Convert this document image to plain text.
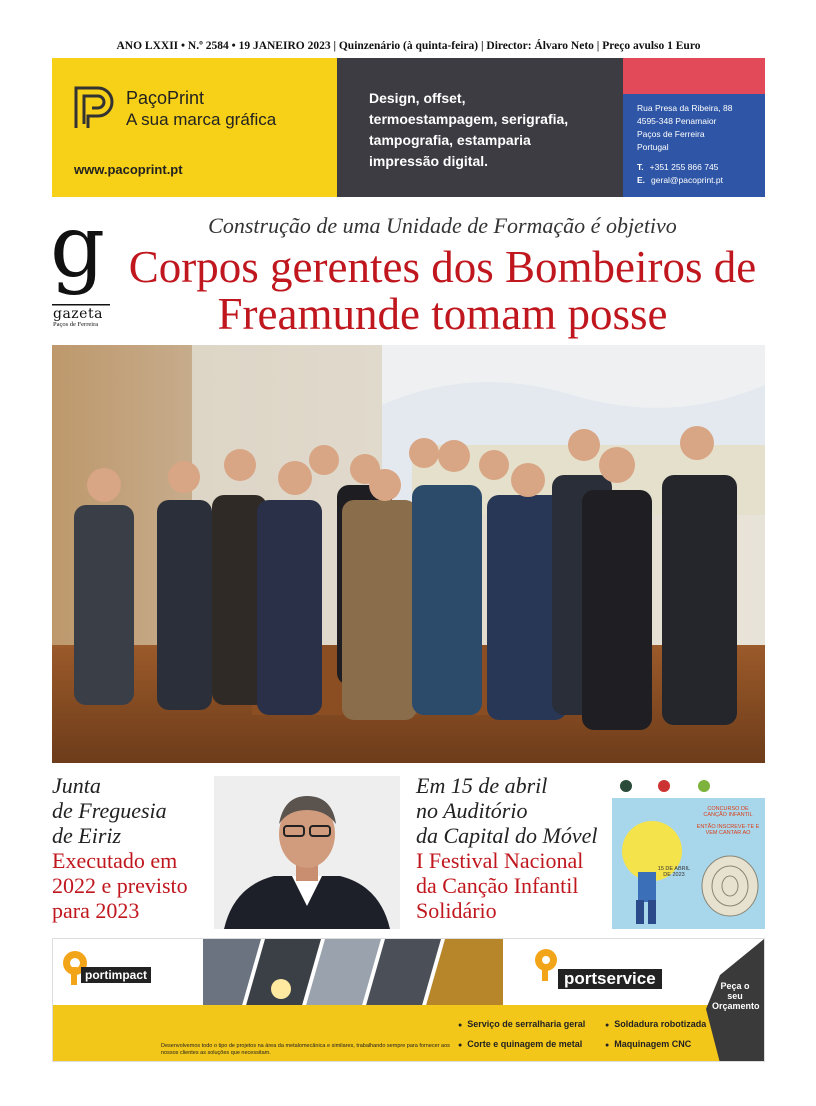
ANO LXXII • N.º 2584 • 19 JANEIRO 2023 | Quinzenário (à quinta-feira) | Director: Álvaro Neto | Preço avulso 1 Euro
PaçoPrint
A sua marca gráfica
www.pacoprint.pt
Design, offset,
termoestampagem, serigrafia,
tampografia, estamparia
impressão digital.
Rua Presa da Ribeira, 88
4595-348 Penamaior
Paços de Ferreira
Portugal
T. +351 255 866 745
E. geral@pacoprint.pt
g
gazeta
Paços de Ferreira
Construção de uma Unidade de Formação é objetivo
Corpos gerentes dos Bombeiros de Freamunde tomam posse
Junta
de Freguesia
de Eiriz
Executado em
2022 e previsto
para 2023
Em 15 de abril
no Auditório
da Capital do Móvel
I Festival Nacional
da Canção Infantil
Solidário
CONCURSO DE CANÇÃO INFANTIL
ENTÃO INSCREVE-TE E VEM CANTAR AO
15 DE ABRIL DE 2023
portimpact	portservice
Desenvolvemos todo o tipo de projetos na área da metalomecânica e similares, trabalhando sempre para fornecer aos nossos clientes as soluções que necessitam.
● Serviço de serralharia geral	● Soldadura robotizada
● Corte e quinagem de metal	● Maquinagem CNC
Peça o seu Orçamento
